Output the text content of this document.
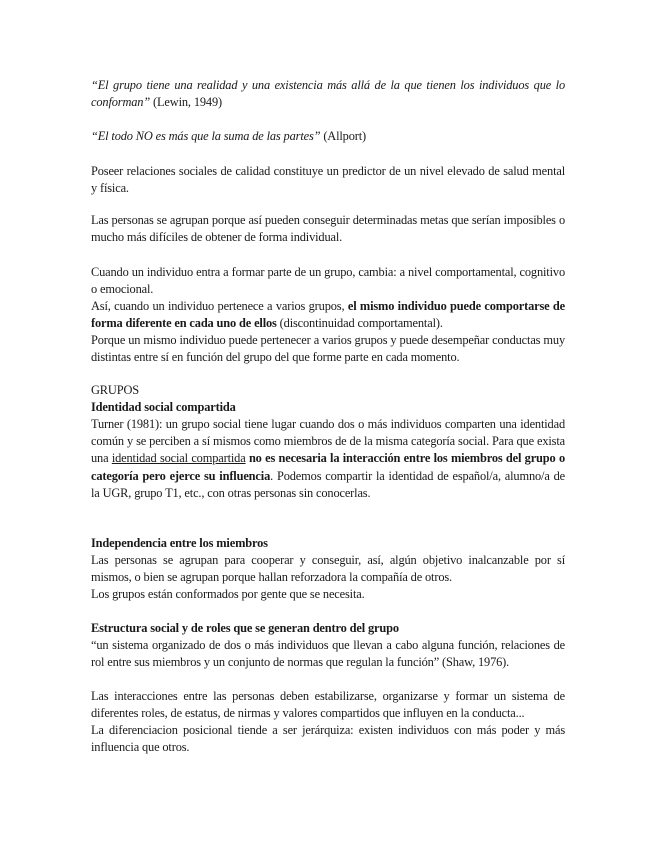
“El grupo tiene una realidad y una existencia más allá de la que tienen los individuos que lo conforman” (Lewin, 1949)

“El todo NO es más que la suma de las partes” (Allport)

Poseer relaciones sociales de calidad constituye un predictor de un nivel elevado de salud mental y física.

Las personas se agrupan porque así pueden conseguir determinadas metas que serían imposibles o mucho más difíciles de obtener de forma individual.

Cuando un individuo entra a formar parte de un grupo, cambia: a nivel comportamental, cognitivo o emocional.

Así, cuando un individuo pertenece a varios grupos, el mismo individuo puede comportarse de forma diferente en cada uno de ellos (discontinuidad comportamental).

Porque un mismo individuo puede pertenecer a varios grupos y puede desempeñar conductas muy distintas entre sí en función del grupo del que forme parte en cada momento.

GRUPOS

Identidad social compartida

Turner (1981): un grupo social tiene lugar cuando dos o más individuos comparten una identidad común y se perciben a sí mismos como miembros de de la misma categoría social. Para que exista una identidad social compartida no es necesaria la interacción entre los miembros del grupo o categoría pero ejerce su influencia. Podemos compartir la identidad de español/a, alumno/a de la UGR, grupo T1, etc., con otras personas sin conocerlas.

Independencia entre los miembros

Las personas se agrupan para cooperar y conseguir, así, algún objetivo inalcanzable por sí mismos, o bien se agrupan porque hallan reforzadora la compañía de otros.

Los grupos están conformados por gente que se necesita.

Estructura social y de roles que se generan dentro del grupo

“un sistema organizado de dos o más individuos que llevan a cabo alguna función, relaciones de rol entre sus miembros y un conjunto de normas que regulan la función” (Shaw, 1976).

Las interacciones entre las personas deben estabilizarse, organizarse y formar un sistema de diferentes roles, de estatus, de nirmas y valores compartidos que influyen en la conducta...

La diferenciacion posicional tiende a ser jerárquiza: existen individuos con más poder y más influencia que otros.
